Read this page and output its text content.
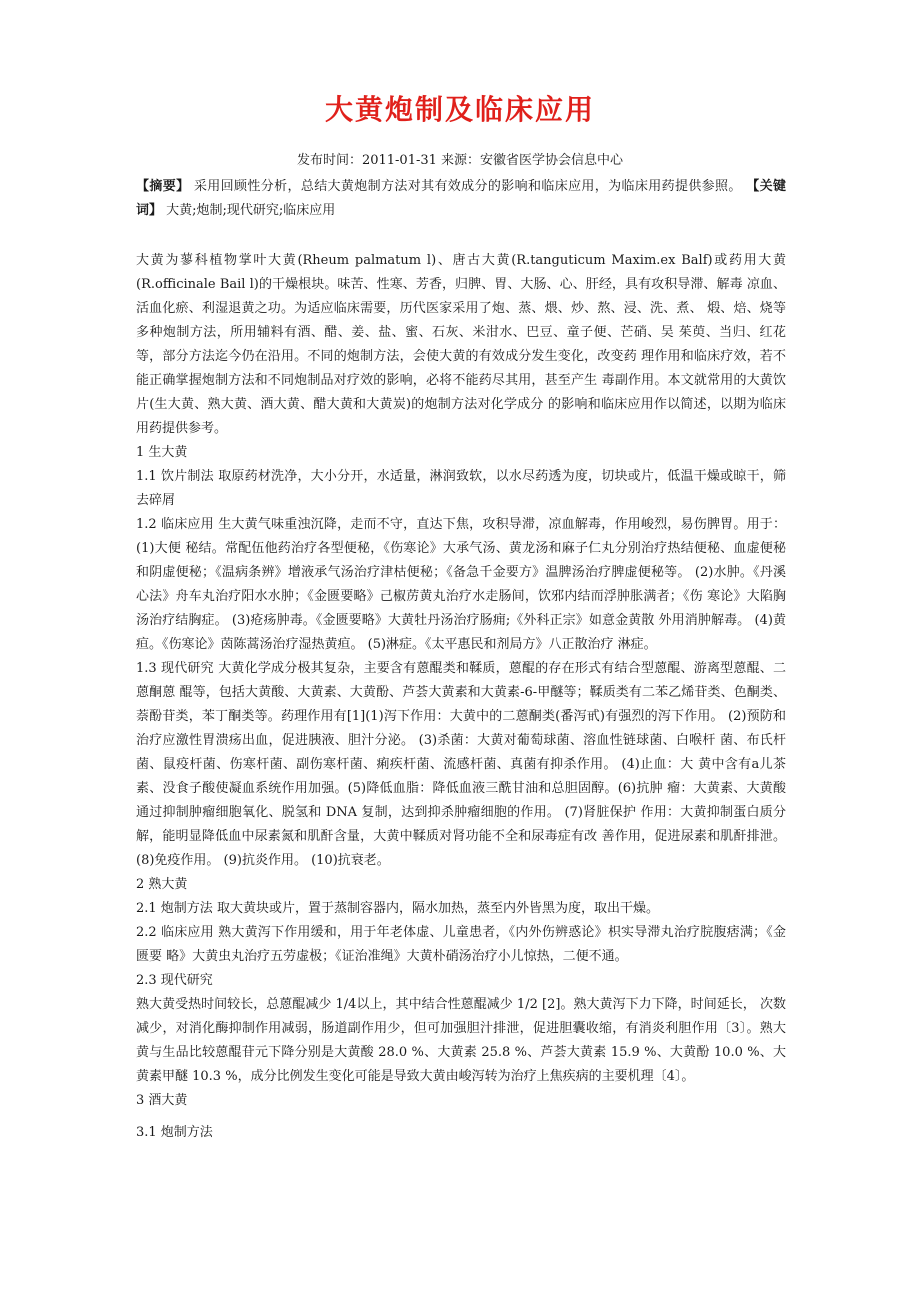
大黄炮制及临床应用
发布时间：2011-01-31 来源：安徽省医学协会信息中心

【摘要】 采用回顾性分析，总结大黄炮制方法对其有效成分的影响和临床应用，为临床用药提供参照。 【关键词】 大黄;炮制;现代研究;临床应用

大黄为蓼科植物掌叶大黄(Rheum palmatum l)、唐古大黄(R.tanguticum Maxim.ex Balf)或药用大黄 (R.officinale Bail l)的干燥根块。味苦、性寒、芳香，归脾、胃、大肠、心、肝经，具有攻积导滞、解毒 凉血、活血化瘀、利湿退黄之功。为适应临床需要，历代医家采用了炮、蒸、煨、炒、熬、浸、洗、煮、 煅、焙、烧等多种炮制方法，所用辅料有酒、醋、姜、盐、蜜、石灰、米泔水、巴豆、童子便、芒硝、吴 茱萸、当归、红花等，部分方法迄今仍在沿用。不同的炮制方法，会使大黄的有效成分发生变化，改变药 理作用和临床疗效，若不能正确掌握炮制方法和不同炮制品对疗效的影响，必将不能药尽其用，甚至产生 毒副作用。本文就常用的大黄饮片(生大黄、熟大黄、酒大黄、醋大黄和大黄炭)的炮制方法对化学成分 的影响和临床应用作以简述，以期为临床用药提供参考。

1 生大黄

1.1 饮片制法 取原药材洗净，大小分开，水适量，淋润致软，以水尽药透为度，切块或片，低温干燥或晾干，筛去碎屑

1.2 临床应用 生大黄气味重浊沉降，走而不守，直达下焦，攻积导滞，凉血解毒，作用峻烈，易伤脾胃。用于：(1)大便 秘结。常配伍他药治疗各型便秘，《伤寒论》大承气汤、黄龙汤和麻子仁丸分别治疗热结便秘、血虚便秘 和阴虚便秘；《温病条辨》增液承气汤治疗津枯便秘；《备急千金要方》温脾汤治疗脾虚便秘等。 (2)水肿。《丹溪心法》舟车丸治疗阳水水肿；《金匮要略》己椒苈黄丸治疗水走肠间，饮邪内结而浮肿胀满者；《伤 寒论》大陷胸汤治疗结胸症。 (3)疮疡肿毒。《金匮要略》大黄牡丹汤治疗肠痈;《外科正宗》如意金黄散 外用消肿解毒。 (4)黄疸。《伤寒论》茵陈蒿汤治疗湿热黄疸。 (5)淋症。《太平惠民和剂局方》八正散治疗 淋症。

1.3 现代研究 大黄化学成分极其复杂，主要含有蒽醌类和鞣质，蒽醌的存在形式有结合型蒽醌、游离型蒽醌、二蒽酮蒽 醌等，包括大黄酸、大黄素、大黄酚、芦荟大黄素和大黄素-6-甲醚等；鞣质类有二苯乙烯苷类、色酮类、 萘酚苷类，苯丁酮类等。药理作用有[1](1)泻下作用：大黄中的二蒽酮类(番泻甙)有强烈的泻下作用。 (2)预防和治疗应激性胃溃疡出血，促进胰液、胆汁分泌。 (3)杀菌：大黄对葡萄球菌、溶血性链球菌、白喉杆 菌、布氏杆菌、鼠疫杆菌、伤寒杆菌、副伤寒杆菌、痢疾杆菌、流感杆菌、真菌有抑杀作用。 (4)止血：大 黄中含有a儿茶素、没食子酸使凝血系统作用加强。(5)降低血脂：降低血液三酰甘油和总胆固醇。(6)抗肿 瘤：大黄素、大黄酸通过抑制肿瘤细胞氧化、脱氢和 DNA 复制，达到抑杀肿瘤细胞的作用。 (7)肾脏保护 作用：大黄抑制蛋白质分解，能明显降低血中尿素氮和肌酐含量，大黄中鞣质对肾功能不全和尿毒症有改 善作用，促进尿素和肌酐排泄。 (8)免疫作用。 (9)抗炎作用。 (10)抗衰老。

2 熟大黄

2.1 炮制方法 取大黄块或片，置于蒸制容器内，隔水加热，蒸至内外皆黑为度，取出干燥。

2.2 临床应用 熟大黄泻下作用缓和，用于年老体虚、儿童患者，《内外伤辨惑论》枳实导滞丸治疗脘腹痞满；《金匮要 略》大黄虫丸治疗五劳虚极；《证治准绳》大黄朴硝汤治疗小儿惊热，二便不通。

2.3 现代研究

熟大黄受热时间较长，总蒽醌减少 1/4以上，其中结合性蒽醌减少 1/2 [2]。熟大黄泻下力下降，时间延长， 次数减少，对消化酶抑制作用减弱，肠道副作用少，但可加强胆汁排泄，促进胆囊收缩，有消炎利胆作用〔3〕。熟大黄与生品比较蒽醌苷元下降分别是大黄酸 28.0 %、大黄素 25.8 %、芦荟大黄素 15.9 %、大黄酚 10.0 %、大黄素甲醚 10.3 %，成分比例发生变化可能是导致大黄由峻泻转为治疗上焦疾病的主要机理〔4〕。

3 酒大黄

3.1 炮制方法
